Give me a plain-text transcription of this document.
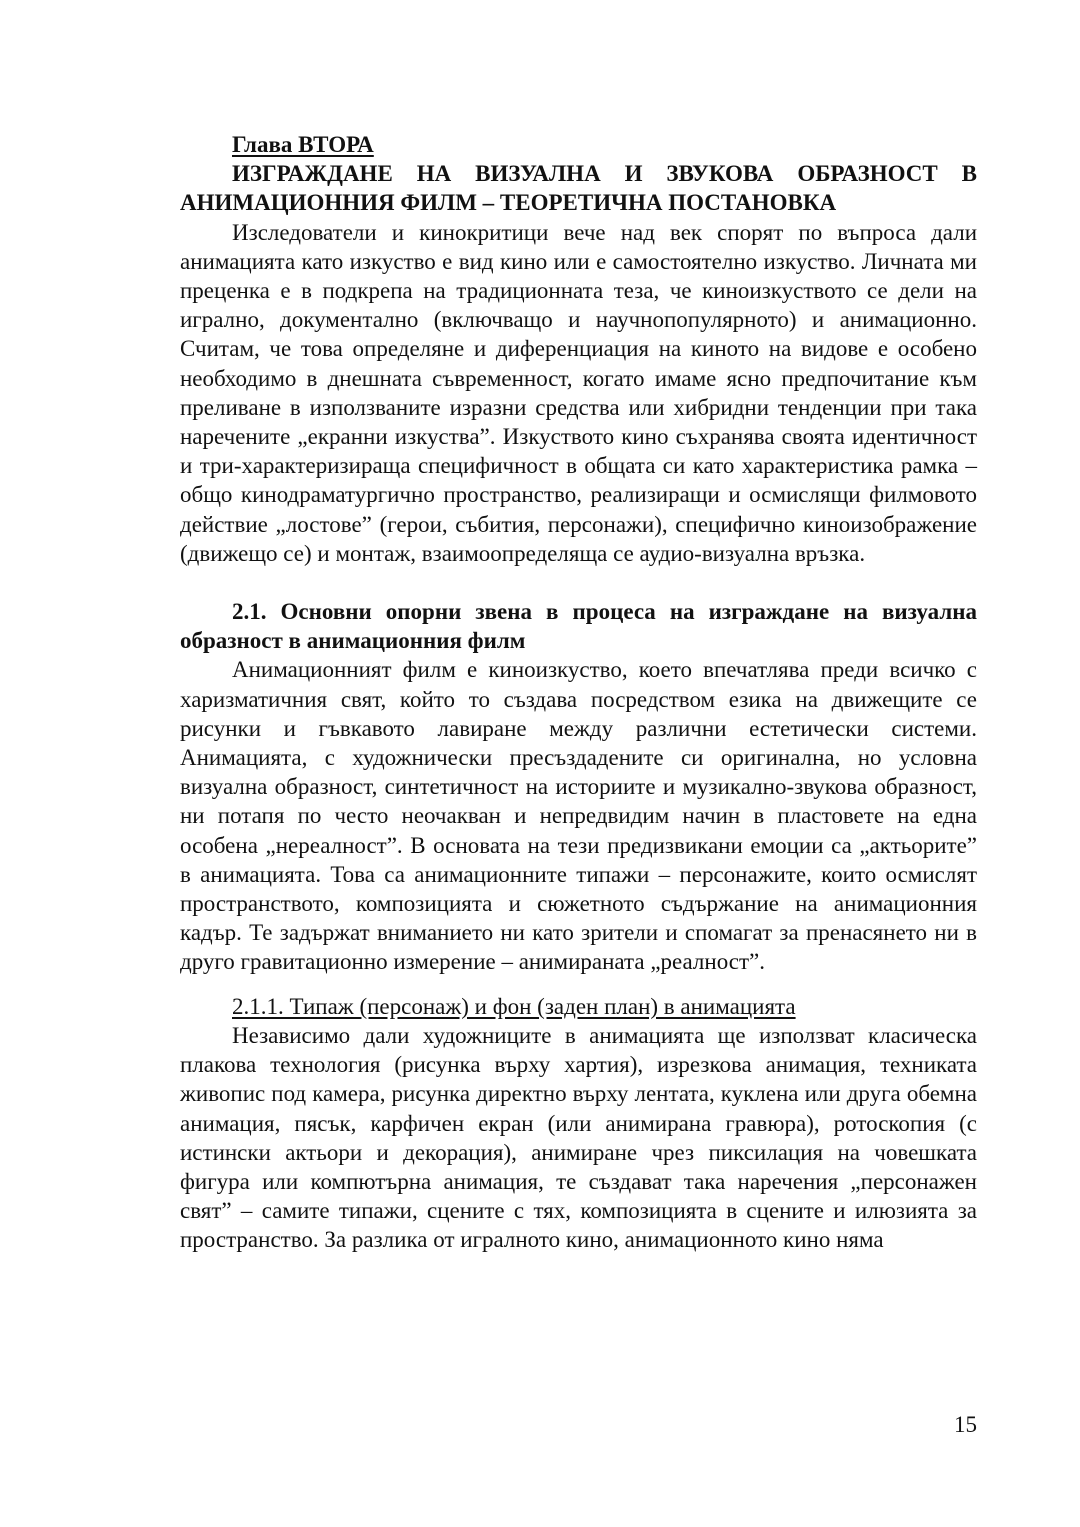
Глава ВТОРА
ИЗГРАЖДАНЕ НА ВИЗУАЛНА И ЗВУКОВА ОБРАЗНОСТ В АНИМАЦИОННИЯ ФИЛМ – ТЕОРЕТИЧНА ПОСТАНОВКА

Изследователи и кинокритици вече над век спорят по въпроса дали анимацията като изкуство е вид кино или е самостоятелно изкуство. Личната ми преценка е в подкрепа на традиционната теза, че киноизкуството се дели на игрално, документално (включващо и научнопопулярното) и анимационно. Считам, че това определяне и диференциация на киното на видове е особено необходимо в днешната съвременност, когато имаме ясно предпочитание към преливане в използваните изразни средства или хибридни тенденции при така наречените „екранни изкуства”. Изкуството кино съхранява своята идентичност и три-характеризираща специфичност в общата си като характеристика рамка – общо кинодраматургично пространство, реализиращи и осмислящи филмовото действие „лостове” (герои, събития, персонажи), специфично киноизображение (движещо се) и монтаж, взаимоопределяща се аудио-визуална връзка.

2.1. Основни опорни звена в процеса на изграждане на визуална образност в анимационния филм

Анимационният филм е киноизкуство, което впечатлява преди всичко с харизматичния свят, който то създава посредством езика на движещите се рисунки и гъвкавото лавиране между различни естетически системи. Анимацията, с художнически пресъздадените си оригинална, но условна визуална образност, синтетичност на историите и музикално-звукова образност, ни потапя по често неочакван и непредвидим начин в пластовете на една особена „нереалност”. В основата на тези предизвикани емоции са „актьорите” в анимацията. Това са анимационните типажи – персонажите, които осмислят пространството, композицията и сюжетното съдържание на анимационния кадър. Те задържат вниманието ни като зрители и спомагат за пренасянето ни в друго гравитационно измерение – анимираната „реалност”.

2.1.1. Типаж (персонаж) и фон (заден план) в анимацията

Независимо дали художниците в анимацията ще използват класическа плакова технология (рисунка върху хартия), изрезкова анимация, техниката живопис под камера, рисунка директно върху лентата, куклена или друга обемна анимация, пясък, карфичен екран (или анимирана гравюра), ротоскопия (с истински актьори и декорация), анимиране чрез пиксилация на човешката фигура или компютърна анимация, те създават така наречения „персонажен свят” – самите типажи, сцените с тях, композицията в сцените и илюзията за пространство. За разлика от игралното кино, анимационното кино няма

15
